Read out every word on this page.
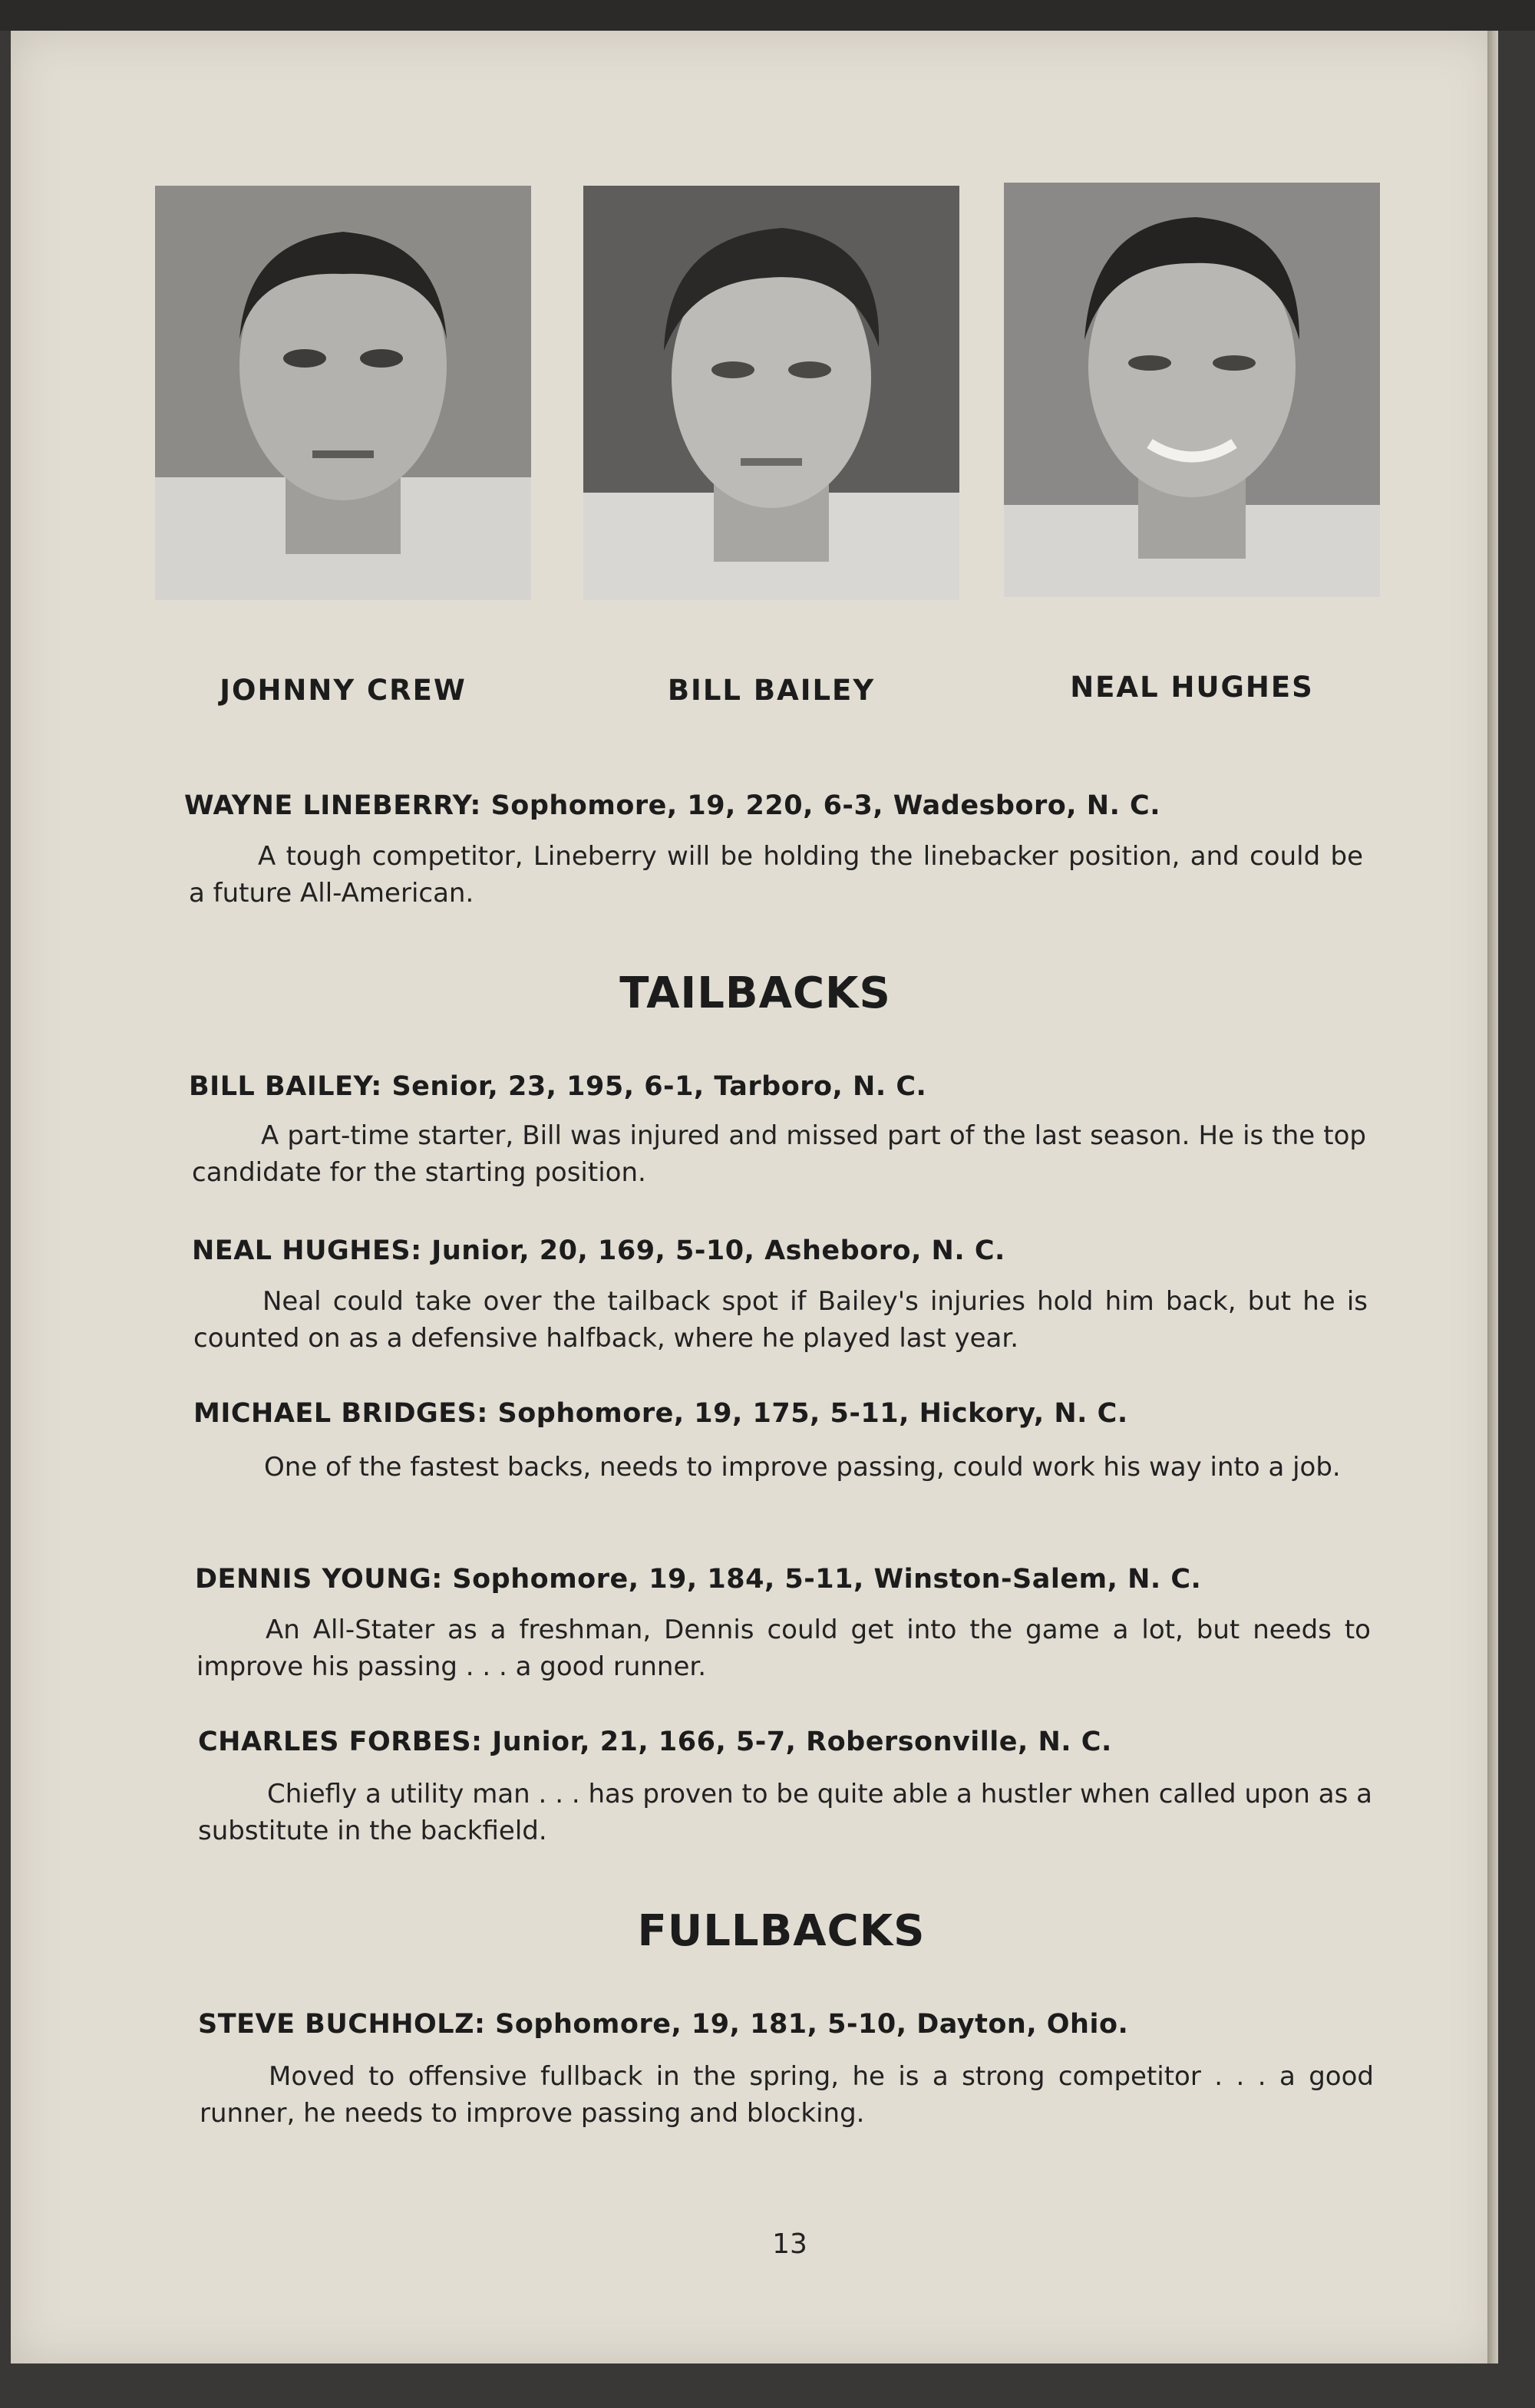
JOHNNY CREW	BILL BAILEY	NEAL HUGHES
WAYNE LINEBERRY: Sophomore, 19, 220, 6-3, Wadesboro, N. C.
A tough competitor, Lineberry will be holding the linebacker position, and could be a future All-American.
TAILBACKS
BILL BAILEY: Senior, 23, 195, 6-1, Tarboro, N. C.
A part-time starter, Bill was injured and missed part of the last season. He is the top candidate for the starting position.
NEAL HUGHES: Junior, 20, 169, 5-10, Asheboro, N. C.
Neal could take over the tailback spot if Bailey's injuries hold him back, but he is counted on as a defensive halfback, where he played last year.
MICHAEL BRIDGES: Sophomore, 19, 175, 5-11, Hickory, N. C.
One of the fastest backs, needs to improve passing, could work his way into a job.
DENNIS YOUNG: Sophomore, 19, 184, 5-11, Winston-Salem, N. C.
An All-Stater as a freshman, Dennis could get into the game a lot, but needs to improve his passing . . . a good runner.
CHARLES FORBES: Junior, 21, 166, 5-7, Robersonville, N. C.
Chiefly a utility man . . . has proven to be quite able a hustler when called upon as a substitute in the backfield.
FULLBACKS
STEVE BUCHHOLZ: Sophomore, 19, 181, 5-10, Dayton, Ohio.
Moved to offensive fullback in the spring, he is a strong competitor . . . a good runner, he needs to improve passing and blocking.
13
